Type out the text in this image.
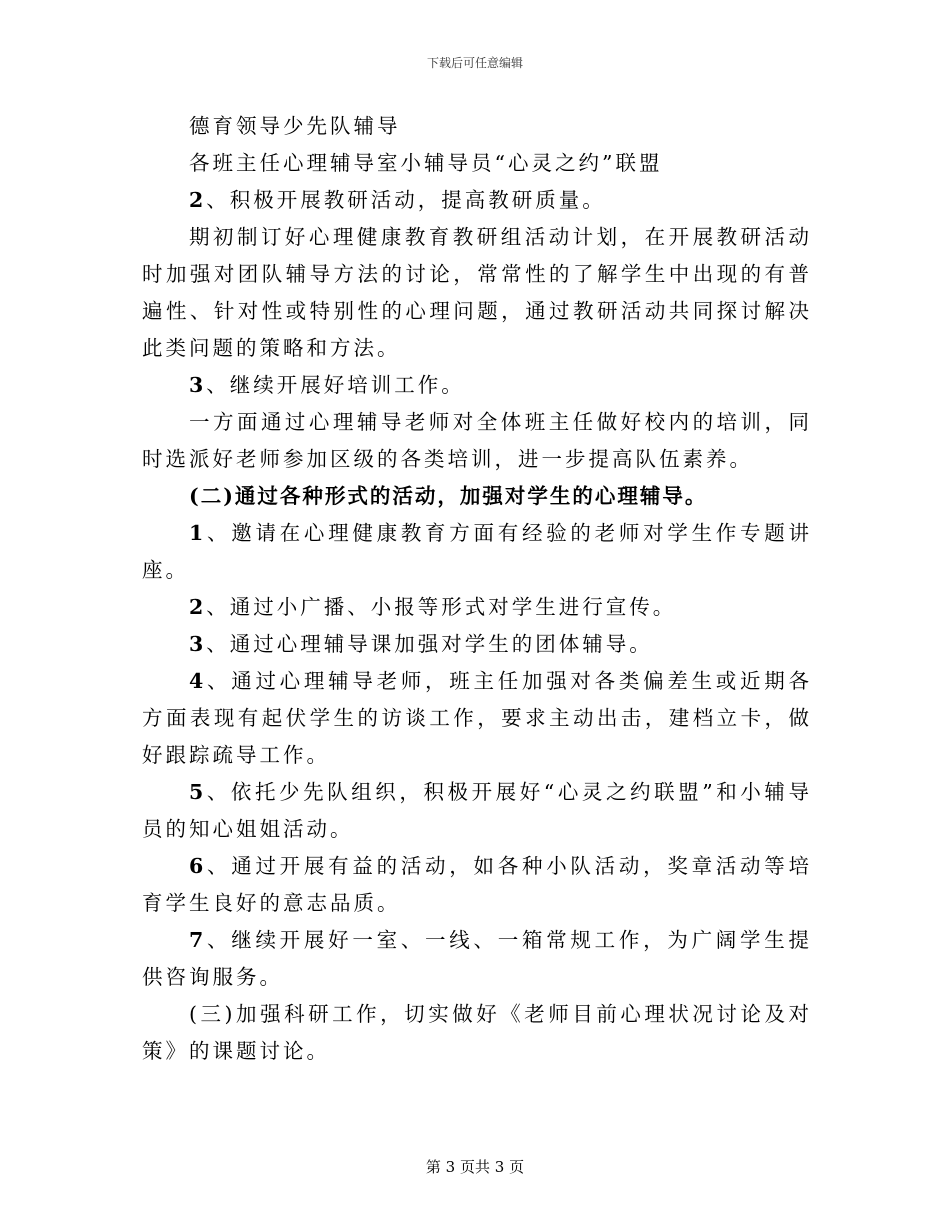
下载后可任意编辑

德育领导少先队辅导

各班主任心理辅导室小辅导员“心灵之约”联盟

2、积极开展教研活动，提高教研质量。

期初制订好心理健康教育教研组活动计划，在开展教研活动时加强对团队辅导方法的讨论，常常性的了解学生中出现的有普遍性、针对性或特别性的心理问题，通过教研活动共同探讨解决此类问题的策略和方法。

3、继续开展好培训工作。

一方面通过心理辅导老师对全体班主任做好校内的培训，同时选派好老师参加区级的各类培训，进一步提高队伍素养。

(二)通过各种形式的活动，加强对学生的心理辅导。

1、邀请在心理健康教育方面有经验的老师对学生作专题讲座。

2、通过小广播、小报等形式对学生进行宣传。

3、通过心理辅导课加强对学生的团体辅导。

4、通过心理辅导老师，班主任加强对各类偏差生或近期各方面表现有起伏学生的访谈工作，要求主动出击，建档立卡，做好跟踪疏导工作。

5、依托少先队组织，积极开展好“心灵之约联盟”和小辅导员的知心姐姐活动。

6、通过开展有益的活动，如各种小队活动，奖章活动等培育学生良好的意志品质。

7、继续开展好一室、一线、一箱常规工作，为广阔学生提供咨询服务。

(三)加强科研工作，切实做好《老师目前心理状况讨论及对策》的课题讨论。

第 3 页共 3 页
